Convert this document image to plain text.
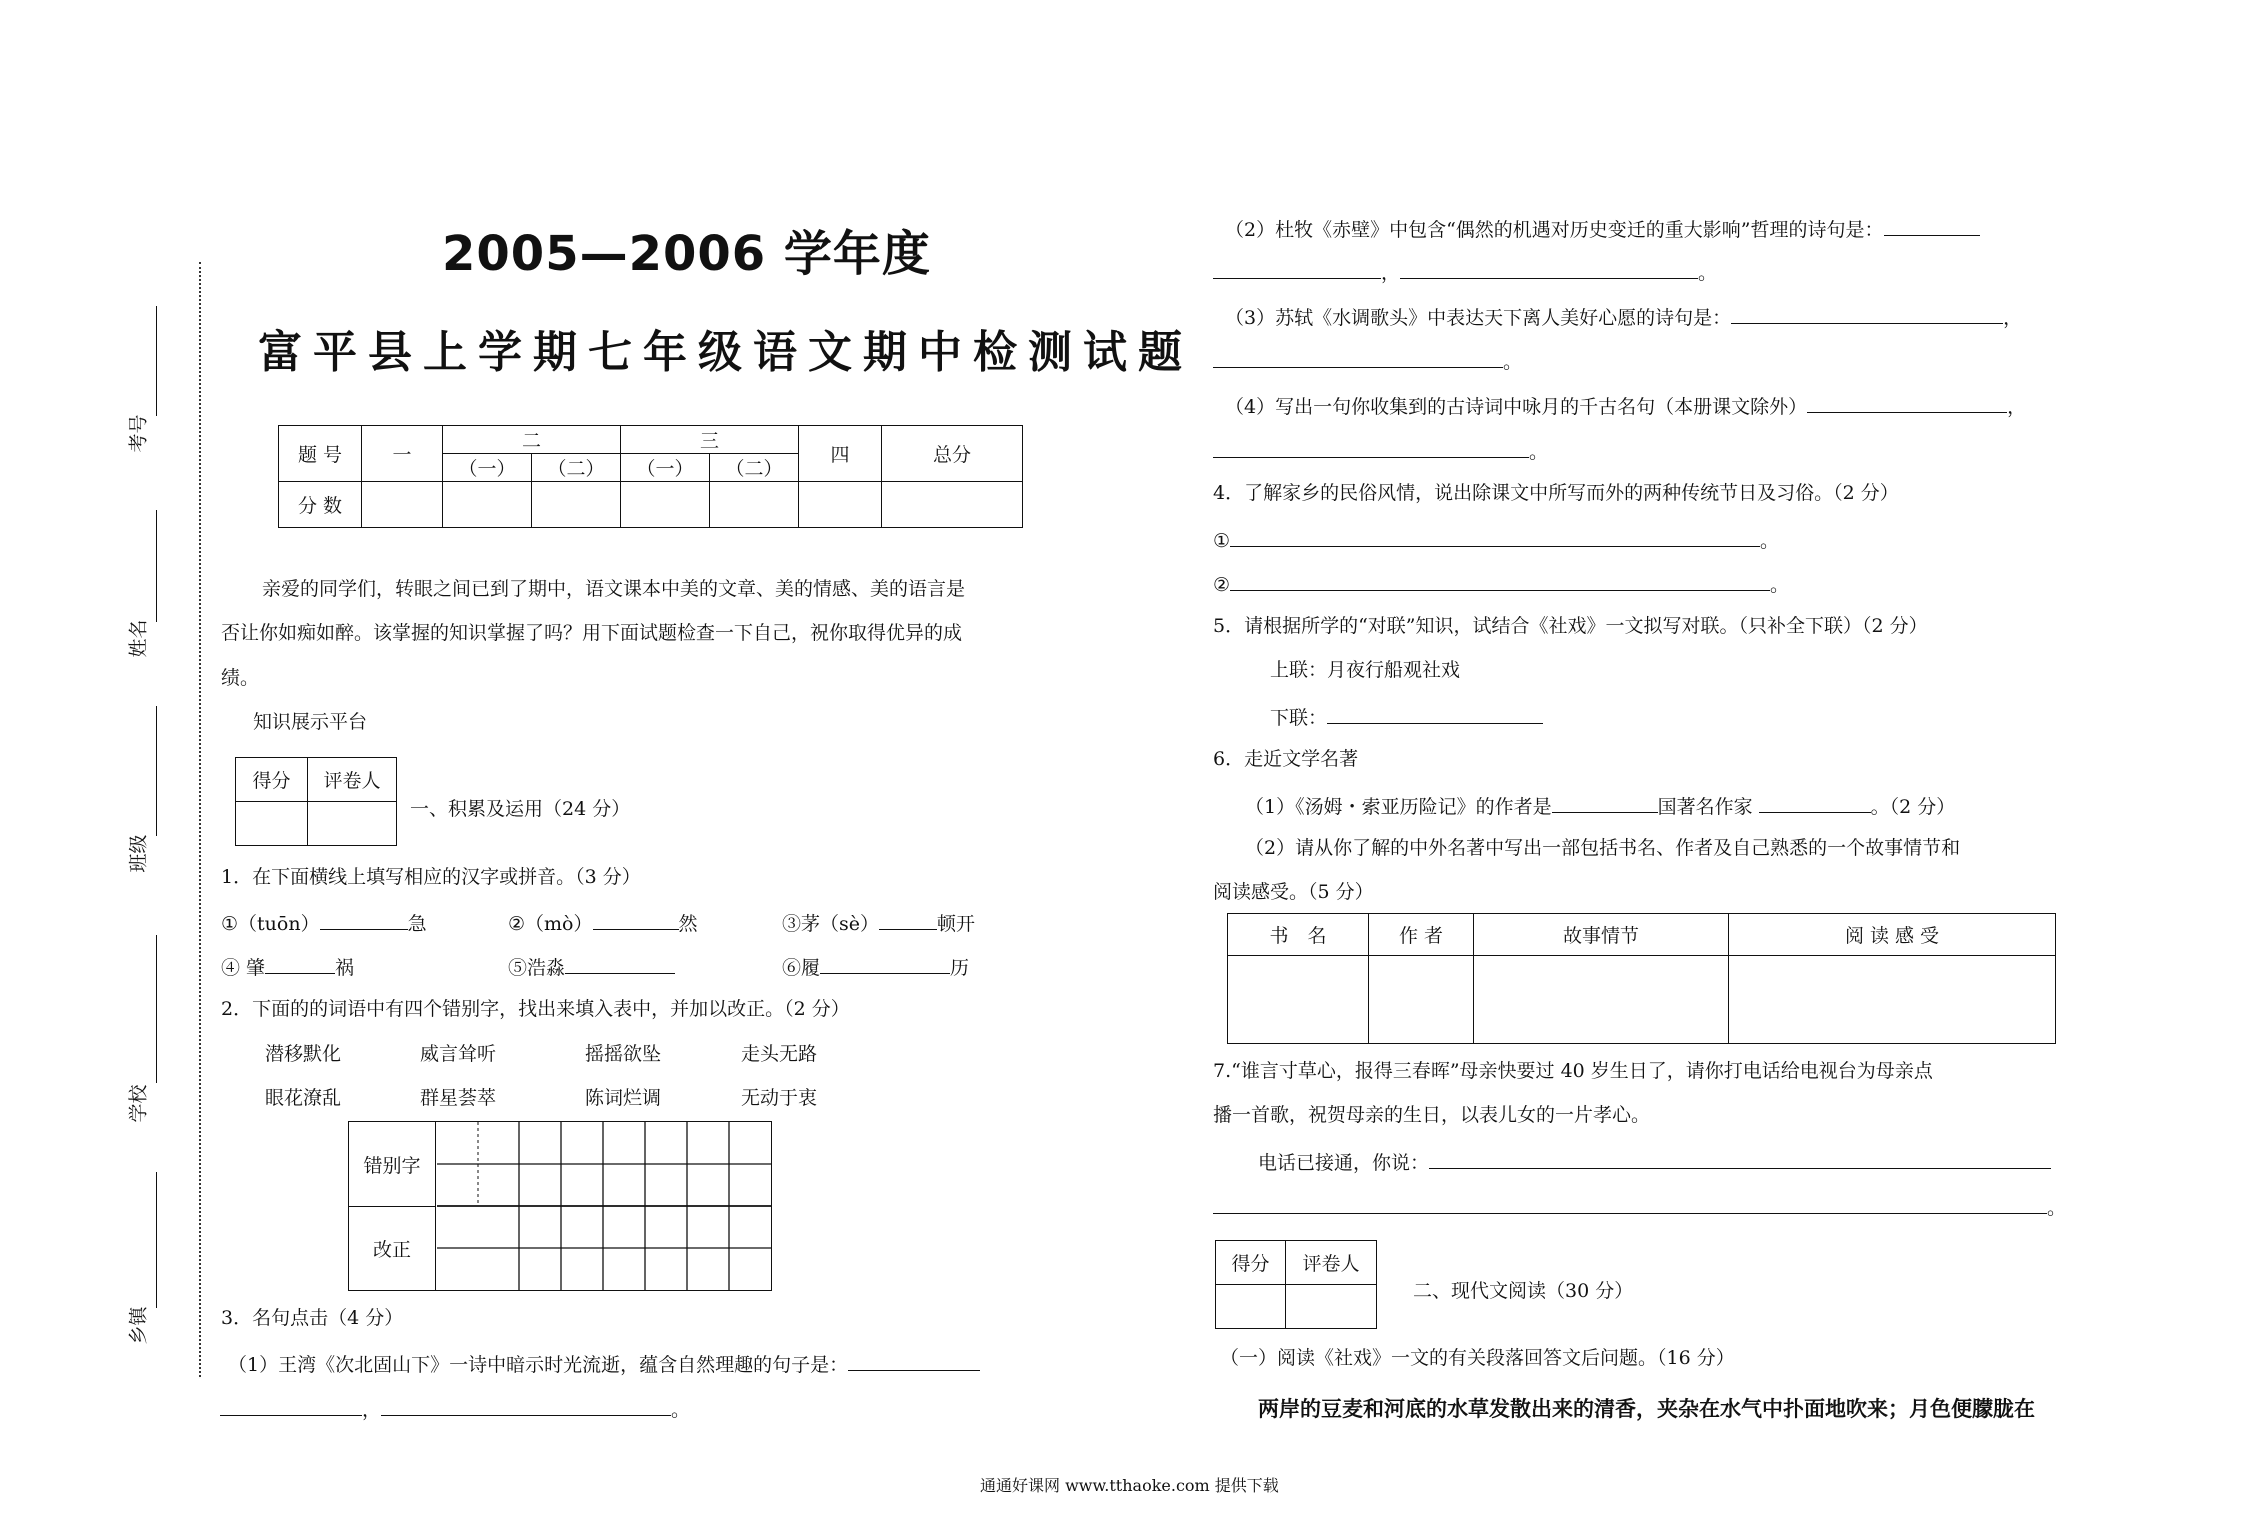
考号
姓名
班级
学校
乡镇
2005—2006 学年度
富平县上学期七年级语文期中检测试题
题 号	一	二		三		四	总分
		（一）	（二）	（一）	（二）		
分 数							
亲爱的同学们，转眼之间已到了期中，语文课本中美的文章、美的情感、美的语言是
否让你如痴如醉。该掌握的知识掌握了吗？用下面试题检查一下自己，祝你取得优异的成
绩。
知识展示平台
得分	评卷人

一、积累及运用（24 分）
1．在下面横线上填写相应的汉字或拼音。（3 分）
①（tuōn）	急	②（mò）	然	③茅（sè）	顿开
④ 肇	祸	⑤浩淼	⑥履	历
2．下面的的词语中有四个错别字，找出来填入表中，并加以改正。（2 分）
潜移默化	威言耸听	摇摇欲坠	走头无路
眼花潦乱	群星荟萃	陈词烂调	无动于衷
错别字
改正
3．名句点击（4 分）
（1）王湾《次北固山下》一诗中暗示时光流逝，蕴含自然理趣的句子是：
，	。
（2）杜牧《赤壁》中包含“偶然的机遇对历史变迁的重大影响”哲理的诗句是：
，	。
（3）苏轼《水调歌头》中表达天下离人美好心愿的诗句是：	，
。
（4）写出一句你收集到的古诗词中咏月的千古名句（本册课文除外）	，
。
4．了解家乡的民俗风情，说出除课文中所写而外的两种传统节日及习俗。（2 分）
①	。
②	。
5．请根据所学的“对联”知识，试结合《社戏》一文拟写对联。（只补全下联）（2 分）
上联：月夜行船观社戏
下联：
6．走近文学名著
（1）《汤姆・索亚历险记》的作者是	国著名作家	。（2 分）
（2）请从你了解的中外名著中写出一部包括书名、作者及自己熟悉的一个故事情节和
阅读感受。（5 分）
书　名	作 者	故事情节	阅 读 感 受

7.“谁言寸草心，报得三春晖”母亲快要过 40 岁生日了，请你打电话给电视台为母亲点
播一首歌，祝贺母亲的生日，以表儿女的一片孝心。
电话已接通，你说：
。
得分	评卷人

二、现代文阅读（30 分）
（一）阅读《社戏》一文的有关段落回答文后问题。（16 分）
两岸的豆麦和河底的水草发散出来的清香，夹杂在水气中扑面地吹来；月色便朦胧在
通通好课网 www.tthaoke.com 提供下载
